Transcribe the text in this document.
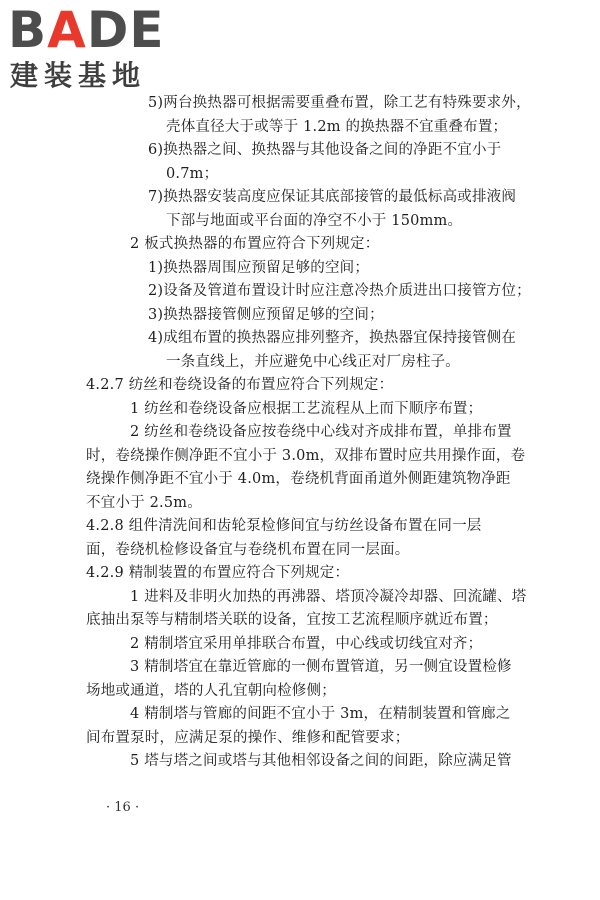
BADE
建装基地
5)两台换热器可根据需要重叠布置，除工艺有特殊要求外，
壳体直径大于或等于 1.2m 的换热器不宜重叠布置；
6)换热器之间、换热器与其他设备之间的净距不宜小于
0.7m；
7)换热器安装高度应保证其底部接管的最低标高或排液阀
下部与地面或平台面的净空不小于 150mm。
2 板式换热器的布置应符合下列规定：
1)换热器周围应预留足够的空间；
2)设备及管道布置设计时应注意冷热介质进出口接管方位；
3)换热器接管侧应预留足够的空间；
4)成组布置的换热器应排列整齐，换热器宜保持接管侧在
一条直线上，并应避免中心线正对厂房柱子。
4.2.7 纺丝和卷绕设备的布置应符合下列规定：
1 纺丝和卷绕设备应根据工艺流程从上而下顺序布置；
2 纺丝和卷绕设备应按卷绕中心线对齐成排布置，单排布置
时，卷绕操作侧净距不宜小于 3.0m，双排布置时应共用操作面，卷
绕操作侧净距不宜小于 4.0m，卷绕机背面甬道外侧距建筑物净距
不宜小于 2.5m。
4.2.8 组件清洗间和齿轮泵检修间宜与纺丝设备布置在同一层
面，卷绕机检修设备宜与卷绕机布置在同一层面。
4.2.9 精制装置的布置应符合下列规定：
1 进料及非明火加热的再沸器、塔顶冷凝冷却器、回流罐、塔
底抽出泵等与精制塔关联的设备，宜按工艺流程顺序就近布置；
2 精制塔宜采用单排联合布置，中心线或切线宜对齐；
3 精制塔宜在靠近管廊的一侧布置管道，另一侧宜设置检修
场地或通道，塔的人孔宜朝向检修侧；
4 精制塔与管廊的间距不宜小于 3m，在精制装置和管廊之
间布置泵时，应满足泵的操作、维修和配管要求；
5 塔与塔之间或塔与其他相邻设备之间的间距，除应满足管
· 16 ·
